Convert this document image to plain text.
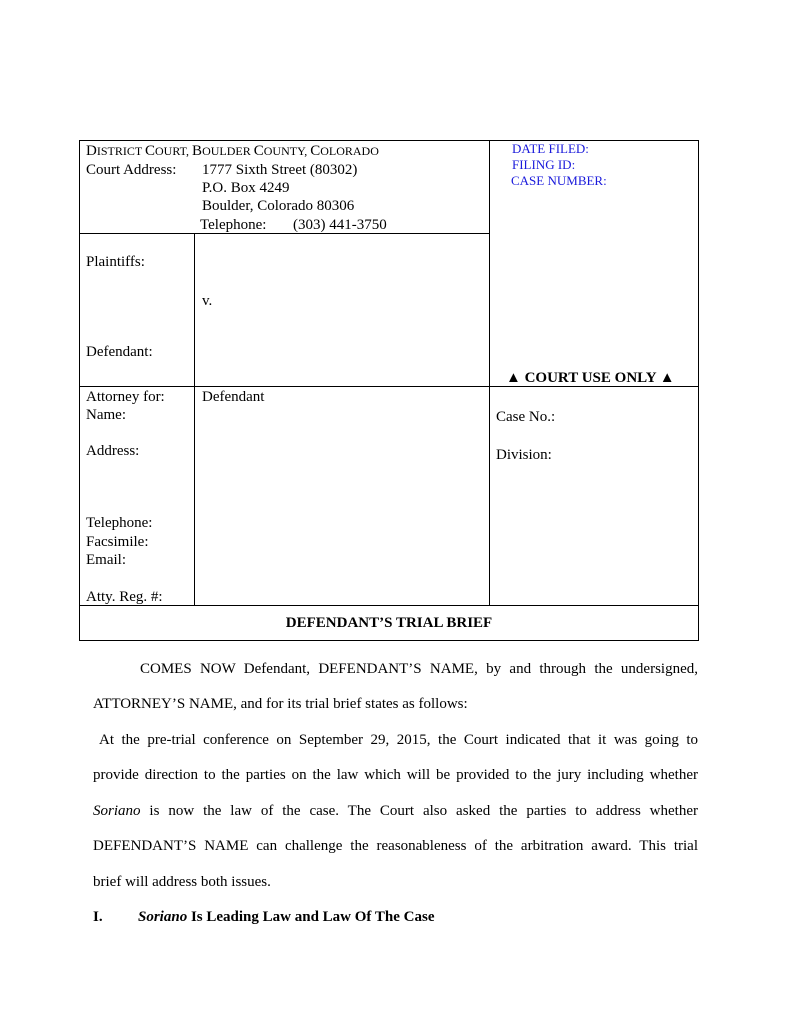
DISTRICT COURT, BOULDER COUNTY, COLORADO
Court Address: 1777 Sixth Street (80302)
P.O. Box 4249
Boulder, Colorado 80306
Telephone: (303) 441-3750
DATE FILED:
FILING ID:
CASE NUMBER:
Plaintiffs:
v.
Defendant:
▲ COURT USE ONLY ▲
Attorney for: Defendant
Name:
Address:
Telephone:
Facsimile:
Email:
Atty. Reg. #:
Case No.:
Division:
DEFENDANT’S TRIAL BRIEF
COMES NOW Defendant, DEFENDANT’S NAME, by and through the undersigned,
ATTORNEY’S NAME, and for its trial brief states as follows:
At the pre-trial conference on September 29, 2015, the Court indicated that it was going to
provide direction to the parties on the law which will be provided to the jury including whether
Soriano is now the law of the case. The Court also asked the parties to address whether
DEFENDANT’S NAME can challenge the reasonableness of the arbitration award. This trial
brief will address both issues.
I. Soriano Is Leading Law and Law Of The Case
